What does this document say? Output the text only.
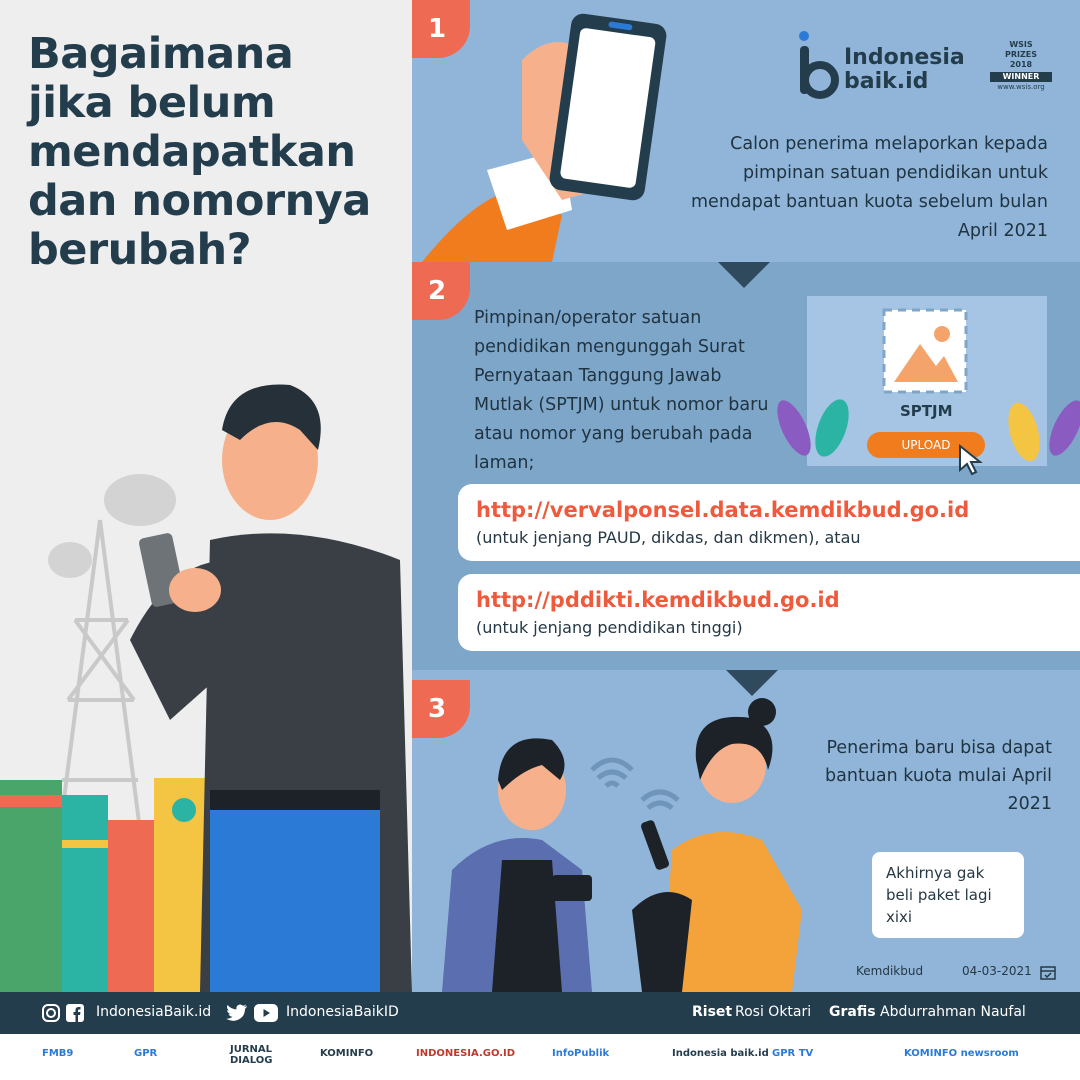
Bagaimana
jika belum
mendapatkan
dan nomornya
berubah?
1
Indonesia
baik.id
WSIS
PRIZES
2018
WINNER
www.wsis.org
Calon penerima melaporkan kepada pimpinan satuan pendidikan untuk mendapat bantuan kuota sebelum bulan April 2021
2
Pimpinan/operator satuan pendidikan mengunggah Surat Pernyataan Tanggung Jawab Mutlak (SPTJM) untuk nomor baru atau nomor yang berubah pada laman;
SPTJM
UPLOAD
http://vervalponsel.data.kemdikbud.go.id
(untuk jenjang PAUD, dikdas, dan dikmen), atau
http://pddikti.kemdikbud.go.id
(untuk jenjang pendidikan tinggi)
3
Penerima baru bisa dapat bantuan kuota mulai April 2021
Akhirnya gak beli paket lagi xixi
Kemdikbud	04-03-2021
IndonesiaBaik.id	IndonesiaBaikID	Riset Rosi Oktari Grafis Abdurrahman Naufal
FMB9	GPR	JURNAL DIALOG
KOMINFO	INDONESIA.GO.ID	InfoPublik	Indonesia baik.id GPR TV	KOMINFO newsroom
